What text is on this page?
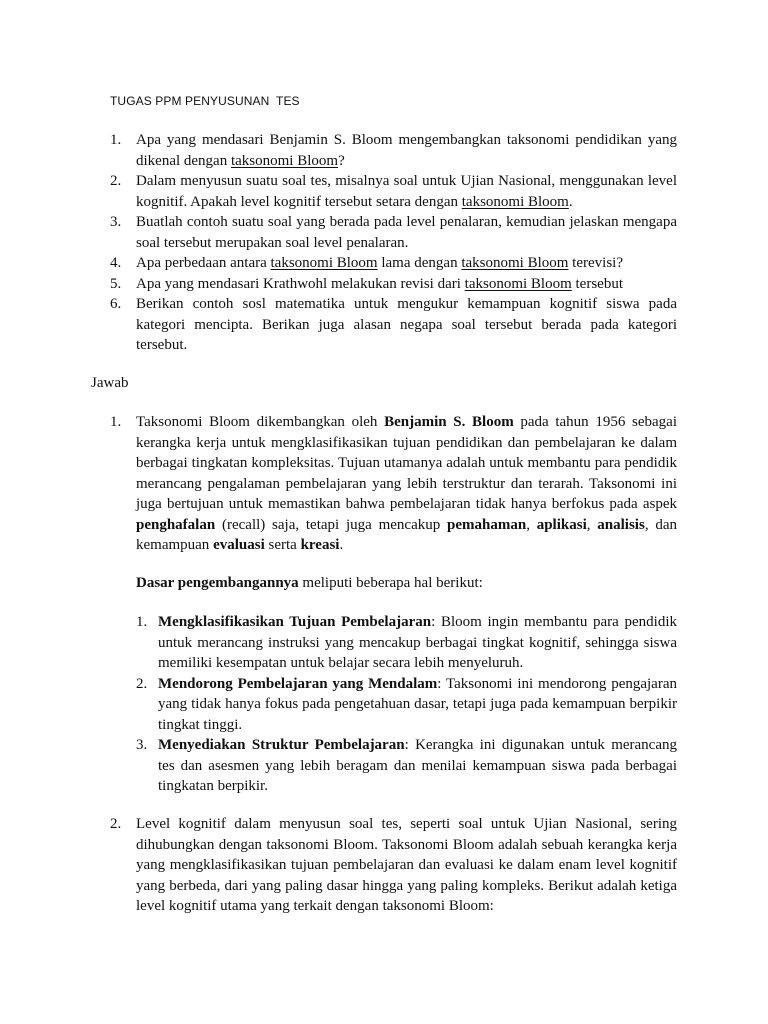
TUGAS PPM PENYUSUNAN  TES
1. Apa yang mendasari Benjamin S. Bloom mengembangkan taksonomi pendidikan yang dikenal dengan taksonomi Bloom?
2. Dalam menyusun suatu soal tes, misalnya soal untuk Ujian Nasional, menggunakan level kognitif. Apakah level kognitif tersebut setara dengan taksonomi Bloom.
3. Buatlah contoh suatu soal yang berada pada level penalaran, kemudian jelaskan mengapa soal tersebut merupakan soal level penalaran.
4. Apa perbedaan antara taksonomi Bloom lama dengan taksonomi Bloom terevisi?
5. Apa yang mendasari Krathwohl melakukan revisi dari taksonomi Bloom tersebut
6. Berikan contoh sosl matematika untuk mengukur kemampuan kognitif siswa pada kategori mencipta. Berikan juga alasan negapa soal tersebut berada pada kategori tersebut.
Jawab
1. Taksonomi Bloom dikembangkan oleh Benjamin S. Bloom pada tahun 1956 sebagai kerangka kerja untuk mengklasifikasikan tujuan pendidikan dan pembelajaran ke dalam berbagai tingkatan kompleksitas. Tujuan utamanya adalah untuk membantu para pendidik merancang pengalaman pembelajaran yang lebih terstruktur dan terarah. Taksonomi ini juga bertujuan untuk memastikan bahwa pembelajaran tidak hanya berfokus pada aspek penghafalan (recall) saja, tetapi juga mencakup pemahaman, aplikasi, analisis, dan kemampuan evaluasi serta kreasi.
Dasar pengembangannya meliputi beberapa hal berikut:
1. Mengklasifikasikan Tujuan Pembelajaran: Bloom ingin membantu para pendidik untuk merancang instruksi yang mencakup berbagai tingkat kognitif, sehingga siswa memiliki kesempatan untuk belajar secara lebih menyeluruh.
2. Mendorong Pembelajaran yang Mendalam: Taksonomi ini mendorong pengajaran yang tidak hanya fokus pada pengetahuan dasar, tetapi juga pada kemampuan berpikir tingkat tinggi.
3. Menyediakan Struktur Pembelajaran: Kerangka ini digunakan untuk merancang tes dan asesmen yang lebih beragam dan menilai kemampuan siswa pada berbagai tingkatan berpikir.
2. Level kognitif dalam menyusun soal tes, seperti soal untuk Ujian Nasional, sering dihubungkan dengan taksonomi Bloom. Taksonomi Bloom adalah sebuah kerangka kerja yang mengklasifikasikan tujuan pembelajaran dan evaluasi ke dalam enam level kognitif yang berbeda, dari yang paling dasar hingga yang paling kompleks. Berikut adalah ketiga level kognitif utama yang terkait dengan taksonomi Bloom:
